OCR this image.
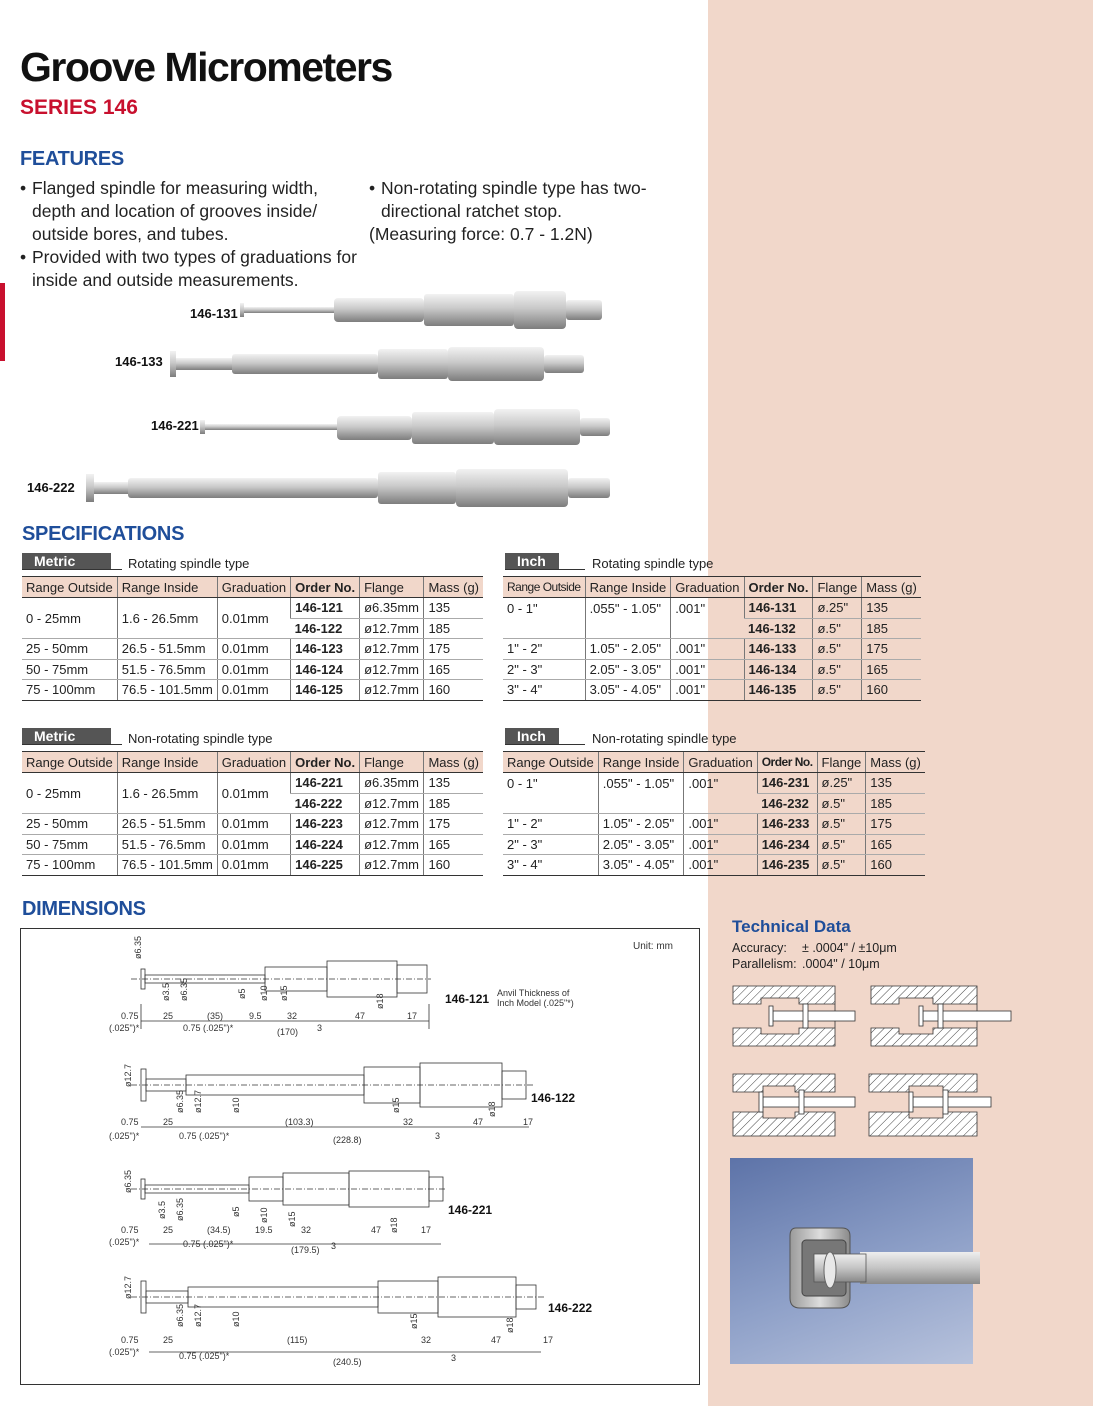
Groove Micrometers
SERIES 146
FEATURES
• Flanged spindle for measuring width,
depth and location of grooves inside/
outside bores, and tubes.
• Provided with two types of graduations for
inside and outside measurements.
• Non-rotating spindle type has two-
directional ratchet stop.
(Measuring force: 0.7 - 1.2N)
146-131
146-133
146-221
146-222
SPECIFICATIONS
Metric	Rotating spindle type
Range Outside	Range Inside	Graduation	Order No.	Flange	Mass (g)
0 - 25mm	1.6 - 26.5mm	0.01mm	146-121	ø6.35mm	135
			146-122	ø12.7mm	185
25 - 50mm	26.5 - 51.5mm	0.01mm	146-123	ø12.7mm	175
50 - 75mm	51.5 - 76.5mm	0.01mm	146-124	ø12.7mm	165
75 - 100mm	76.5 - 101.5mm	0.01mm	146-125	ø12.7mm	160
Inch	Rotating spindle type
Range Outside	Range Inside	Graduation	Order No.	Flange	Mass (g)
0 - 1"	.055" - 1.05"	.001"	146-131	ø.25"	135
			146-132	ø.5"	185
1" - 2"	1.05" - 2.05"	.001"	146-133	ø.5"	175
2" - 3"	2.05" - 3.05"	.001"	146-134	ø.5"	165
3" - 4"	3.05" - 4.05"	.001"	146-135	ø.5"	160
Metric	Non-rotating spindle type
Range Outside	Range Inside	Graduation	Order No.	Flange	Mass (g)
0 - 25mm	1.6 - 26.5mm	0.01mm	146-221	ø6.35mm	135
			146-222	ø12.7mm	185
25 - 50mm	26.5 - 51.5mm	0.01mm	146-223	ø12.7mm	175
50 - 75mm	51.5 - 76.5mm	0.01mm	146-224	ø12.7mm	165
75 - 100mm	76.5 - 101.5mm	0.01mm	146-225	ø12.7mm	160
Inch	Non-rotating spindle type
Range Outside	Range Inside	Graduation	Order No.	Flange	Mass (g)
0 - 1"	.055" - 1.05"	.001"	146-231	ø.25"	135
			146-232	ø.5"	185
1" - 2"	1.05" - 2.05"	.001"	146-233	ø.5"	175
2" - 3"	2.05" - 3.05"	.001"	146-234	ø.5"	165
3" - 4"	3.05" - 4.05"	.001"	146-235	ø.5"	160
DIMENSIONS
Unit: mm
Anvil Thickness of
Inch Model (.025"*)
ø6.35
ø3.5 ø6.35	ø5 ø10 ø15
ø18
0.75	25	(35)	9.5	32	47	17
(.025")*	0.75 (.025")*	(170) 3
146-121
ø12.7
ø6.35 ø12.7	ø10	ø15	ø18
0.75	25	(103.3)	32	47	17
(.025")*	0.75 (.025")*	(228.8)	3
146-122
ø6.35
ø3.5 ø6.35	ø5 ø10 ø15	ø18
0.75	25	(34.5)	19.5	32	47	17
(.025")*	0.75 (.025")*
(179.5) 3
146-221
ø12.7
ø6.35 ø12.7	ø10	ø15	ø18
0.75	25	(115)	32	47	17
(.025")*	0.75 (.025")*
(240.5)	3
146-222
Technical Data
Accuracy: ± .0004" / ±10μm
Parallelism: .0004" / 10μm
